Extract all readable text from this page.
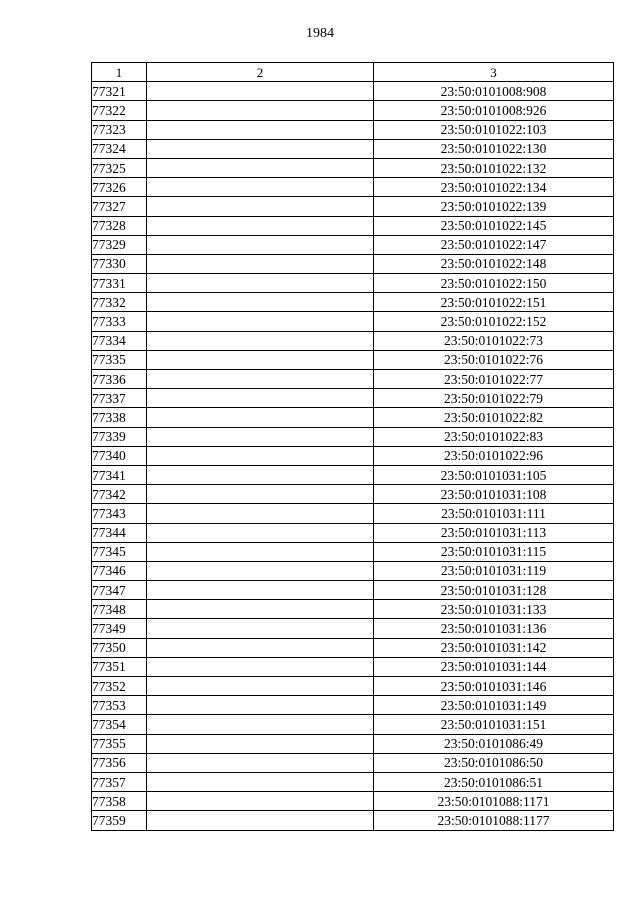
1984
1	2	3
77321		23:50:0101008:908
77322		23:50:0101008:926
77323		23:50:0101022:103
77324		23:50:0101022:130
77325		23:50:0101022:132
77326		23:50:0101022:134
77327		23:50:0101022:139
77328		23:50:0101022:145
77329		23:50:0101022:147
77330		23:50:0101022:148
77331		23:50:0101022:150
77332		23:50:0101022:151
77333		23:50:0101022:152
77334		23:50:0101022:73
77335		23:50:0101022:76
77336		23:50:0101022:77
77337		23:50:0101022:79
77338		23:50:0101022:82
77339		23:50:0101022:83
77340		23:50:0101022:96
77341		23:50:0101031:105
77342		23:50:0101031:108
77343		23:50:0101031:111
77344		23:50:0101031:113
77345		23:50:0101031:115
77346		23:50:0101031:119
77347		23:50:0101031:128
77348		23:50:0101031:133
77349		23:50:0101031:136
77350		23:50:0101031:142
77351		23:50:0101031:144
77352		23:50:0101031:146
77353		23:50:0101031:149
77354		23:50:0101031:151
77355		23:50:0101086:49
77356		23:50:0101086:50
77357		23:50:0101086:51
77358		23:50:0101088:1171
77359		23:50:0101088:1177
